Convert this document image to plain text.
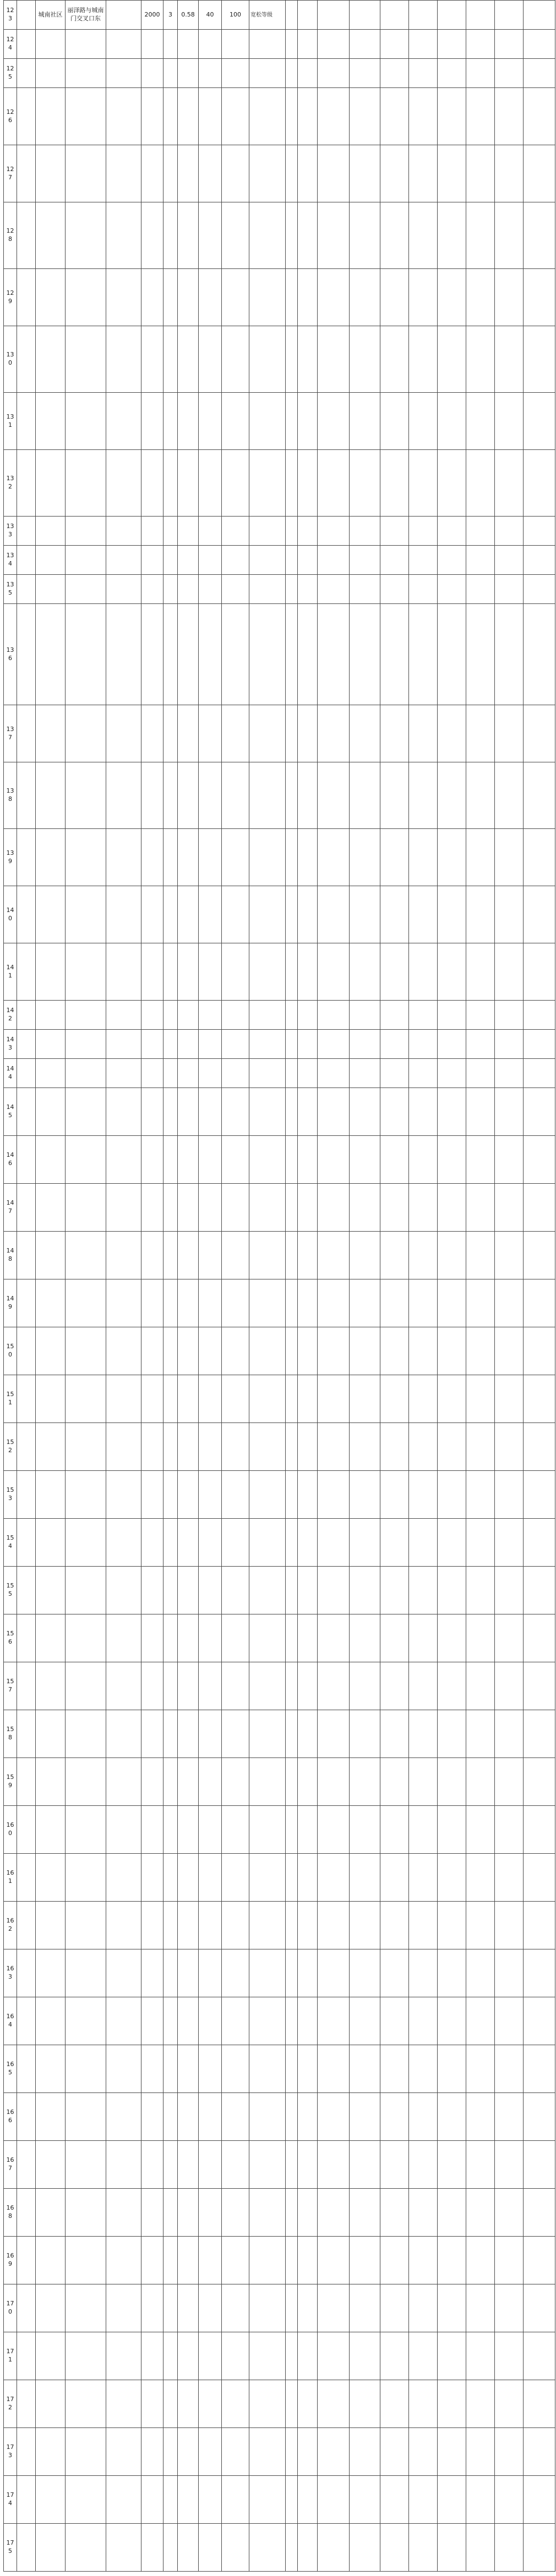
123		城南社区	丽泽路与城南门交叉口东		2000	3	0.58	40	100	宽松等级										
124																				
125																				
126																				
127																				
128																				
129																				
130																				
131																				
132																				
133																				
134																				
135																				
136																				
137																				
138																				
139																				
140																				
141																				
142																				
143																				
144																				
145																				
146																				
147																				
148																				
149																				
150																				
151																				
152																				
153																				
154																				
155																				
156																				
157																				
158																				
159																				
160																				
161																				
162																				
163																				
164																				
165																				
166																				
167																				
168																				
169																				
170																				
171																				
172																				
173																				
174																				
175																				
